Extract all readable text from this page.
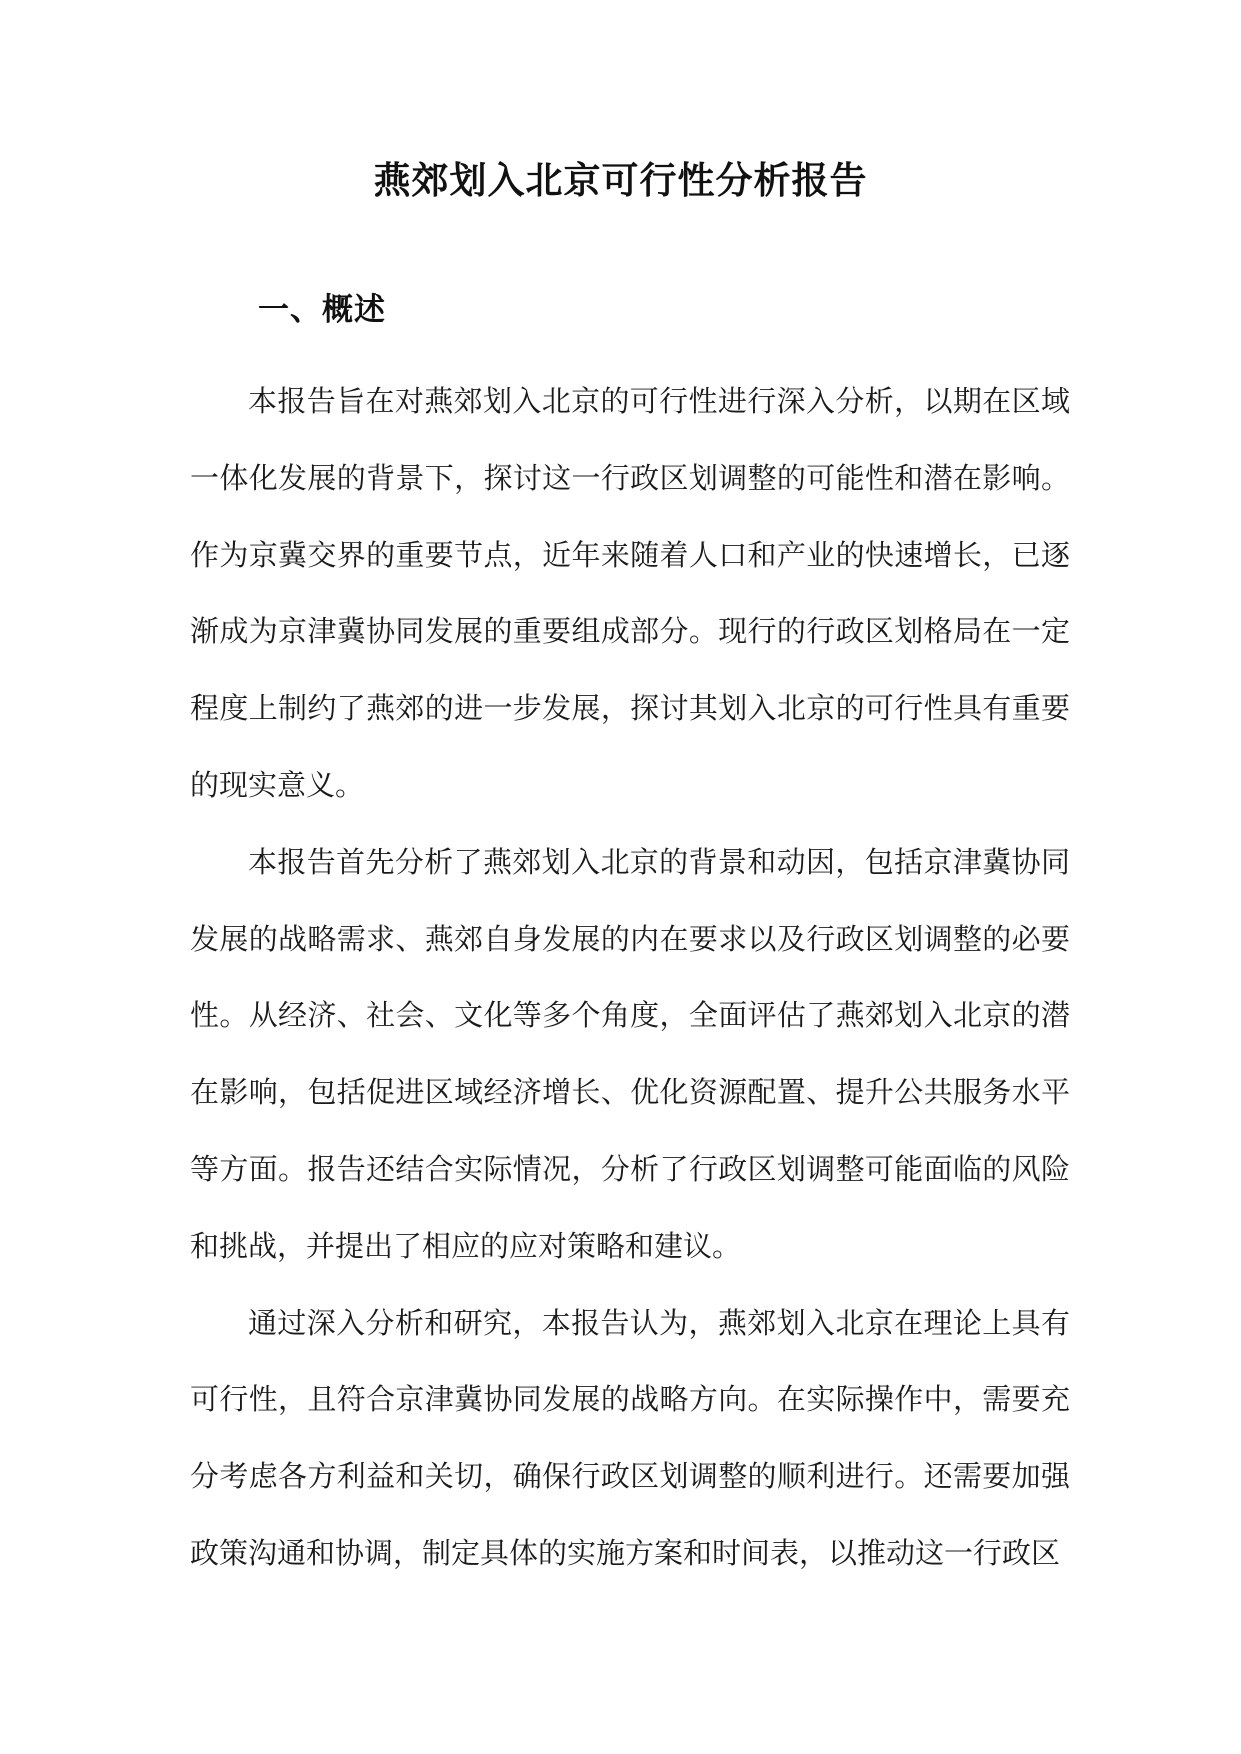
燕郊划入北京可行性分析报告
一、概述

本报告旨在对燕郊划入北京的可行性进行深入分析，以期在区域一体化发展的背景下，探讨这一行政区划调整的可能性和潜在影响。作为京冀交界的重要节点，近年来随着人口和产业的快速增长，已逐渐成为京津冀协同发展的重要组成部分。现行的行政区划格局在一定程度上制约了燕郊的进一步发展，探讨其划入北京的可行性具有重要的现实意义。

本报告首先分析了燕郊划入北京的背景和动因，包括京津冀协同发展的战略需求、燕郊自身发展的内在要求以及行政区划调整的必要性。从经济、社会、文化等多个角度，全面评估了燕郊划入北京的潜在影响，包括促进区域经济增长、优化资源配置、提升公共服务水平等方面。报告还结合实际情况，分析了行政区划调整可能面临的风险和挑战，并提出了相应的应对策略和建议。

通过深入分析和研究，本报告认为，燕郊划入北京在理论上具有可行性，且符合京津冀协同发展的战略方向。在实际操作中，需要充分考虑各方利益和关切，确保行政区划调整的顺利进行。还需要加强政策沟通和协调，制定具体的实施方案和时间表，以推动这一行政区
